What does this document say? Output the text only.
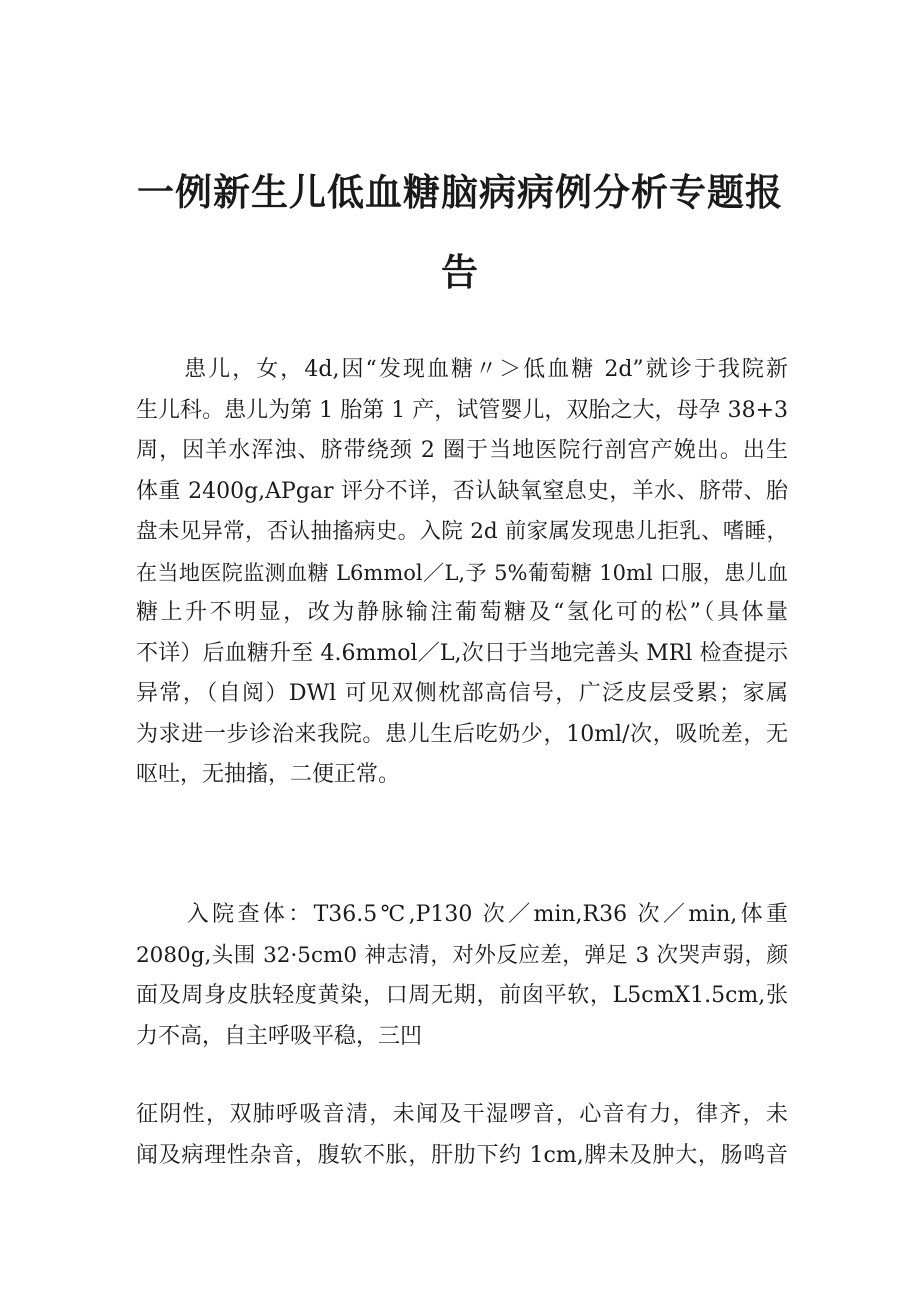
一例新生儿低血糖脑病病例分析专题报
告

　　患儿，女，4d,因“发现血糖〃＞低血糖 2d”就诊于我院新
生儿科。患儿为第 1 胎第 1 产，试管婴儿，双胎之大，母孕 38+3
周，因羊水浑浊、脐带绕颈 2 圈于当地医院行剖宫产娩出。出生
体重 2400g,APgar 评分不详，否认缺氧窒息史，羊水、脐带、胎
盘未见异常，否认抽搐病史。入院 2d 前家属发现患儿拒乳、嗜睡，
在当地医院监测血糖 L6mmol／L,予 5%葡萄糖 10ml 口服，患儿血
糖上升不明显，改为静脉输注葡萄糖及“氢化可的松”（具体量
不详）后血糖升至 4.6mmol／L,次日于当地完善头 MRl 检查提示
异常，（自阅）DWl 可见双侧枕部高信号，广泛皮层受累；家属
为求进一步诊治来我院。患儿生后吃奶少，10ml/次，吸吮差，无
呕吐，无抽搐，二便正常。

　　入院查体：T36.5℃,P130 次／min,R36 次／min,体重
2080g,头围 32·5cm0 神志清，对外反应差，弹足 3 次哭声弱，颜
面及周身皮肤轻度黄染，口周无期，前囱平软，L5cmX1.5cm,张
力不高，自主呼吸平稳，三凹

征阴性，双肺呼吸音清，未闻及干湿啰音，心音有力，律齐，未
闻及病理性杂音，腹软不胀，肝肋下约 1cm,脾未及肿大，肠鸣音
